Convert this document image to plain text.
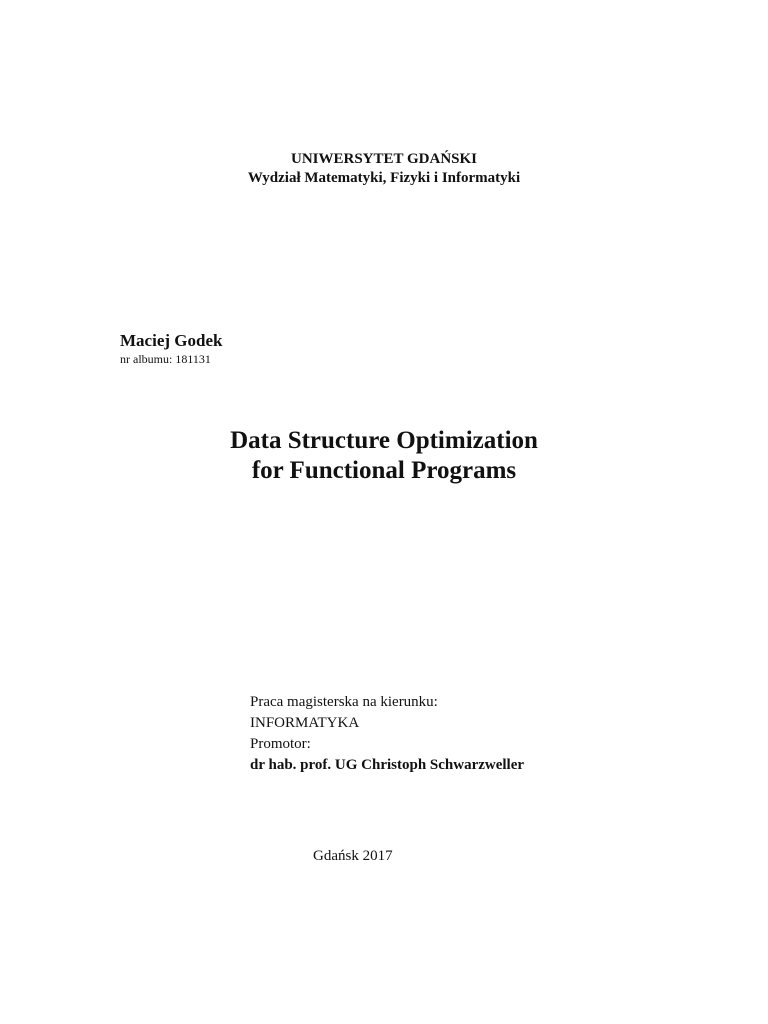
UNIWERSYTET GDAŃSKI
Wydział Matematyki, Fizyki i Informatyki
Maciej Godek
nr albumu: 181131
Data Structure Optimization
for Functional Programs
Praca magisterska na kierunku:
INFORMATYKA
Promotor:
dr hab. prof. UG Christoph Schwarzweller
Gdańsk 2017
